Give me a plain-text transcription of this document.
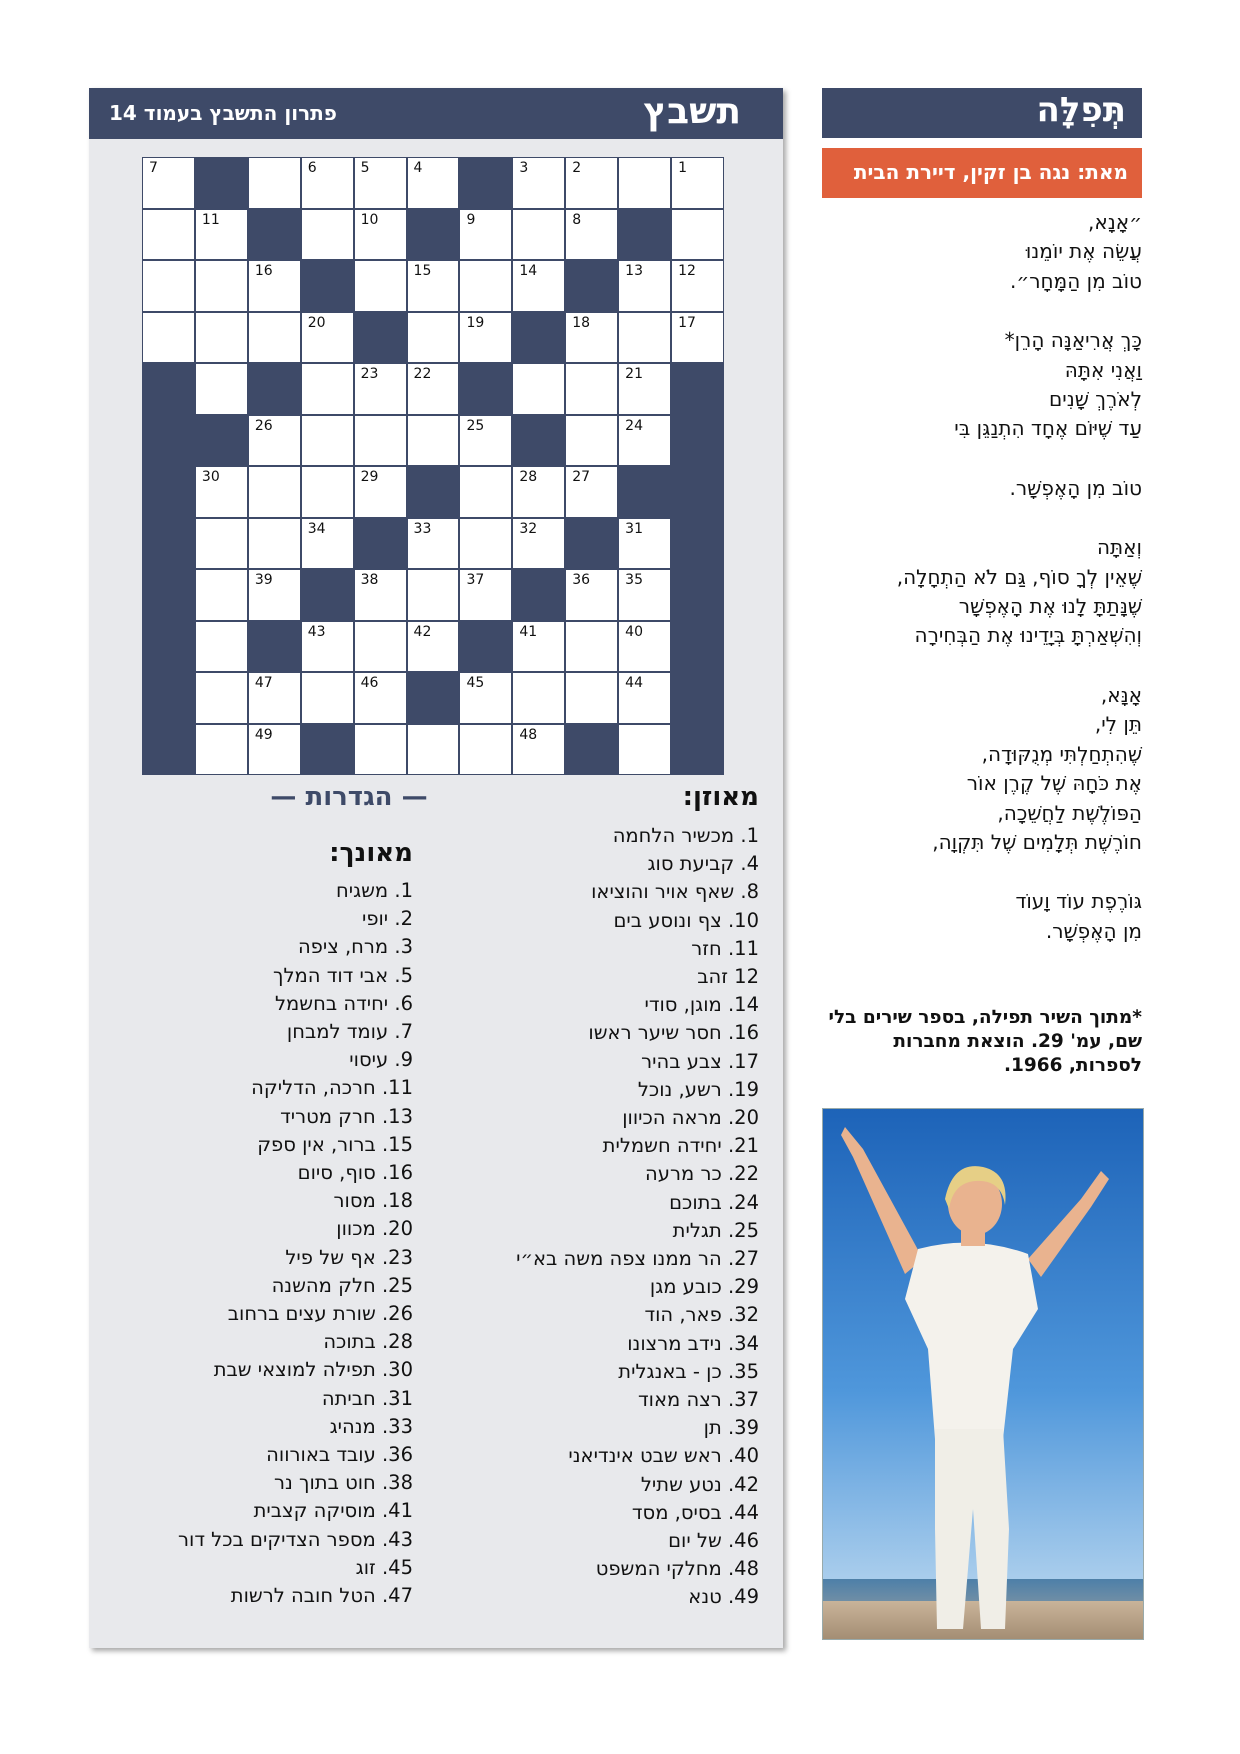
תשבץ
פתרון התשבץ בעמוד 14
1
2
3
4
5
6
7
8
9
10
11
12
13
14
15
16
17
18
19
20
21
22
23
24
25
26
27
28
29
30
31
32
33
34
35
36
37
38
39
40
41
42
43
44
45
46
47
48
49
— הגדרות —	מאוזן:
מאונך:
1. מכשיר הלחמה
4. קביעת סוג
8. שאף אויר והוציאו
10. צף ונוסע בים
11. חזר
12 זהב
14. מוגן, סודי
16. חסר שיער ראשו
17. צבע בהיר
19. רשע, נוכל
20. מראה הכיוון
21. יחידה חשמלית
22. כר מרעה
24. בתוכם
25. תגלית
27. הר ממנו צפה משה בא״י
29. כובע מגן
32. פאר, הוד
34. נידב מרצונו
35. כן - באנגלית
37. רצה מאוד
39. תן
40. ראש שבט אינדיאני
42. נטע שתיל
44. בסיס, מסד
46. של יום
48. מחלקי המשפט
49. טנא
1. משגיח
2. יופי
3. מרח, ציפה
5. אבי דוד המלך
6. יחידה בחשמל
7. עומד למבחן
9. עיסוי
11. חרכה, הדליקה
13. חרק מטריד
15. ברור, אין ספק
16. סוף, סיום
18. מסור
20. מכוון
23. אף של פיל
25. חלק מהשנה
26. שורת עצים ברחוב
28. בתוכה
30. תפילה למוצאי שבת
31. חביתה
33. מנהיג
36. עובד באורווה
38. חוט בתוך נר
41. מוסיקה קצבית
43. מספר הצדיקים בכל דור
45. זוג
47. הטל חובה לרשות
תְּפִלָּה
מאת: נגה בן זקין, דיירת הבית
״אָנָא,
עֲשֵׂה אֶת יוֹמֵנוּ
טוֹב מִן הַמָּחָר״.
כָּךְ אֲרִיאַנָּה הָרֵן*
וַאֲנִי אִתָּהּ
לְאֹרֶךְ שָׁנִים
עַד שֶׁיּוֹם אֶחָד הִתְנַגֵּן בִּי
טוֹב מִן הָאֶפְשָׁר.
וְאַתָּה
שֶׁאֵין לְךָ סוֹף, גַּם לֹא הַתְחָלָה,
שֶׁנָּתַתָּ לָנוּ אֶת הָאֶפְשָׁר
וְהִשְׁאַרְתָּ בְּיָדֵינוּ אֶת הַבְּחִירָה
אָנָּא,
תֵּן לִי,
שֶׁהִתְחַלְתִּי מְנֻקּוּדָה,
אֶת כֹּחָהּ שֶׁל קֶרֶן אוֹר
הַפּוֹלֶשֶׁת לַחֲשֵׁכָה,
חוֹרֶשֶׁת תְּלָמִים שֶׁל תִּקְוָה,
גּוֹרֶפֶת עוֹד וָעוֹד
מִן הָאֶפְשָׁר.
*מתוך השיר תפילה, בספר שירים בלי שם, עמ' 29. הוצאת מחברות לספרות, 1966.
